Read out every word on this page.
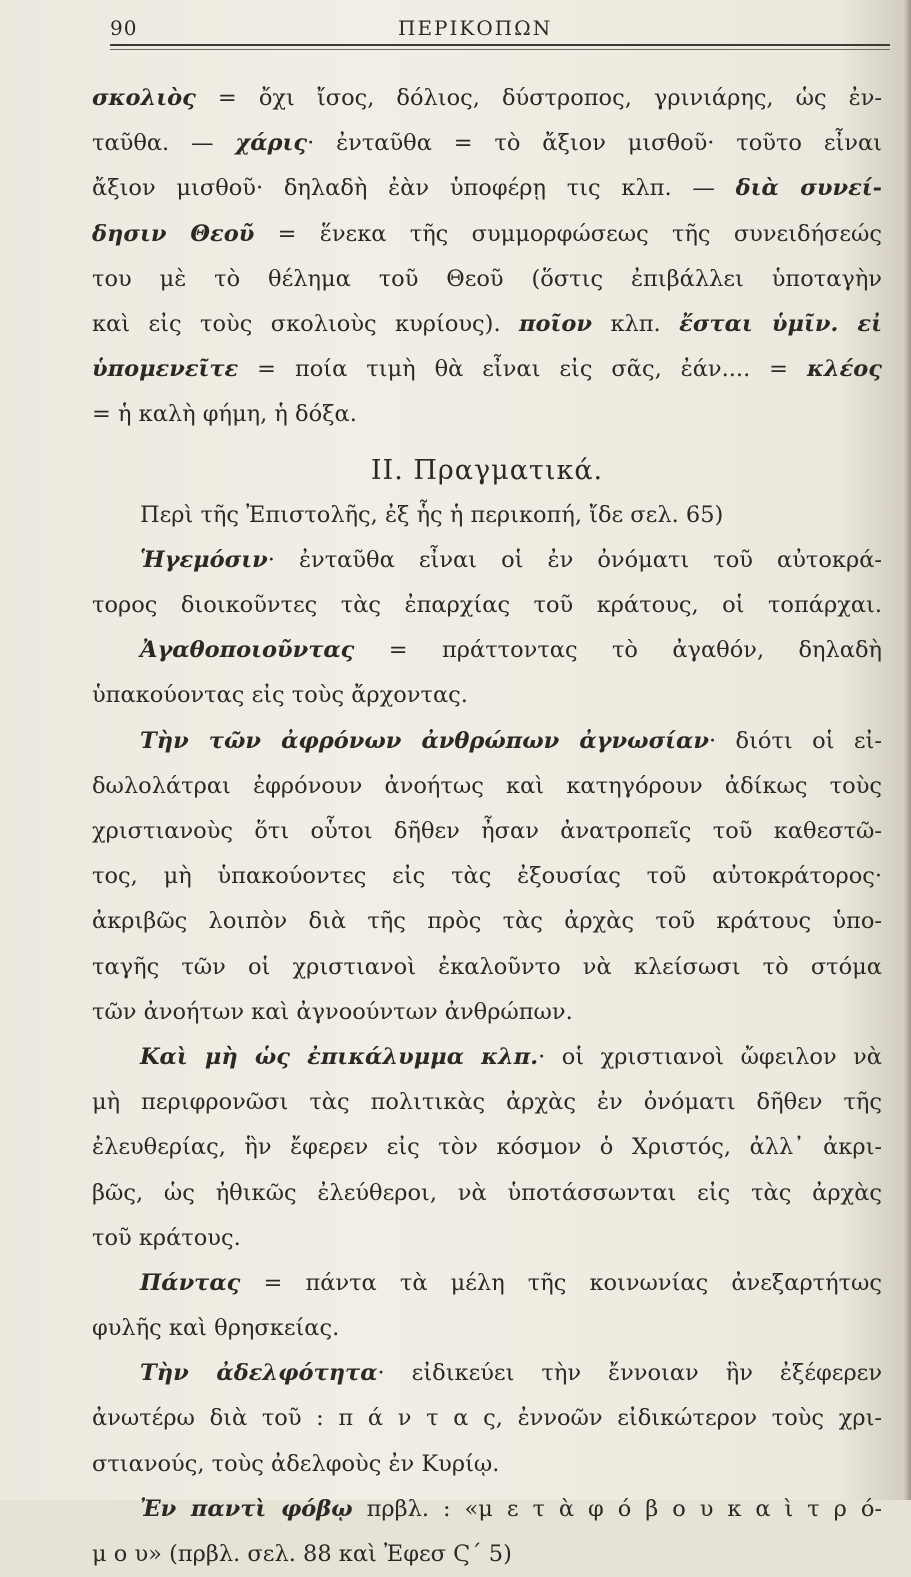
90	ΠΕΡΙΚΟΠΩΝ
σκολιὸς = ὄχι ἴσος, δόλιος, δύστροπος, γρινιάρης, ὡς ἐν-
ταῦθα. — χάρις· ἐνταῦθα = τὸ ἄξιον μισθοῦ· τοῦτο εἶναι
ἄξιον μισθοῦ· δηλαδὴ ἐὰν ὑποφέρῃ τις κλπ. — διὰ συνεί-
δησιν Θεοῦ = ἕνεκα τῆς συμμορφώσεως τῆς συνειδήσεώς
του μὲ τὸ θέλημα τοῦ Θεοῦ (ὅστις ἐπιβάλλει ὑποταγὴν
καὶ εἰς τοὺς σκολιοὺς κυρίους). ποῖον κλπ. ἔσται ὑμῖν. εἰ
ὑπομενεῖτε = ποία τιμὴ θὰ εἶναι εἰς σᾶς, ἐάν.... = κλέος
= ἡ καλὴ φήμη, ἡ δόξα.
II. Πραγματικά.
Περὶ τῆς Ἐπιστολῆς, ἐξ ἧς ἡ περικοπή, ἴδε σελ. 65)
Ἡγεμόσιν· ἐνταῦθα εἶναι οἱ ἐν ὀνόματι τοῦ αὐτοκρά-
τορος διοικοῦντες τὰς ἐπαρχίας τοῦ κράτους, οἱ τοπάρχαι.
Ἀγαθοποιοῦντας = πράττοντας τὸ ἀγαθόν, δηλαδὴ
ὑπακούοντας εἰς τοὺς ἄρχοντας.
Τὴν τῶν ἀφρόνων ἀνθρώπων ἀγνωσίαν· διότι οἱ εἰ-
δωλολάτραι ἐφρόνουν ἀνοήτως καὶ κατηγόρουν ἀδίκως τοὺς
χριστιανοὺς ὅτι οὗτοι δῆθεν ἦσαν ἀνατροπεῖς τοῦ καθεστῶ-
τος, μὴ ὑπακούοντες εἰς τὰς ἐξουσίας τοῦ αὐτοκράτορος·
ἀκριβῶς λοιπὸν διὰ τῆς πρὸς τὰς ἀρχὰς τοῦ κράτους ὑπο-
ταγῆς τῶν οἱ χριστιανοὶ ἐκαλοῦντο νὰ κλείσωσι τὸ στόμα
τῶν ἀνοήτων καὶ ἀγνοούντων ἀνθρώπων.
Καὶ μὴ ὡς ἐπικάλυμμα κλπ.· οἱ χριστιανοὶ ὤφειλον νὰ
μὴ περιφρονῶσι τὰς πολιτικὰς ἀρχὰς ἐν ὀνόματι δῆθεν τῆς
ἐλευθερίας, ἣν ἔφερεν εἰς τὸν κόσμον ὁ Χριστός, ἀλλ᾽ ἀκρι-
βῶς, ὡς ἠθικῶς ἐλεύθεροι, νὰ ὑποτάσσωνται εἰς τὰς ἀρχὰς
τοῦ κράτους.
Πάντας = πάντα τὰ μέλη τῆς κοινωνίας ἀνεξαρτήτως
φυλῆς καὶ θρησκείας.
Τὴν ἀδελφότητα· εἰδικεύει τὴν ἔννοιαν ἣν ἐξέφερεν
ἀνωτέρω διὰ τοῦ : π ά ν τ α ς, ἐννοῶν εἰδικώτερον τοὺς χρι-
στιανούς, τοὺς ἀδελφοὺς ἐν Κυρίῳ.
Ἐν παντὶ φόβῳ πρβλ. : «μ ε τ ὰ φ ό β ο υ κ α ὶ τ ρ ό-
μ ο υ» (πρβλ. σελ. 88 καὶ Ἐφεσ Ϛ´ 5)
